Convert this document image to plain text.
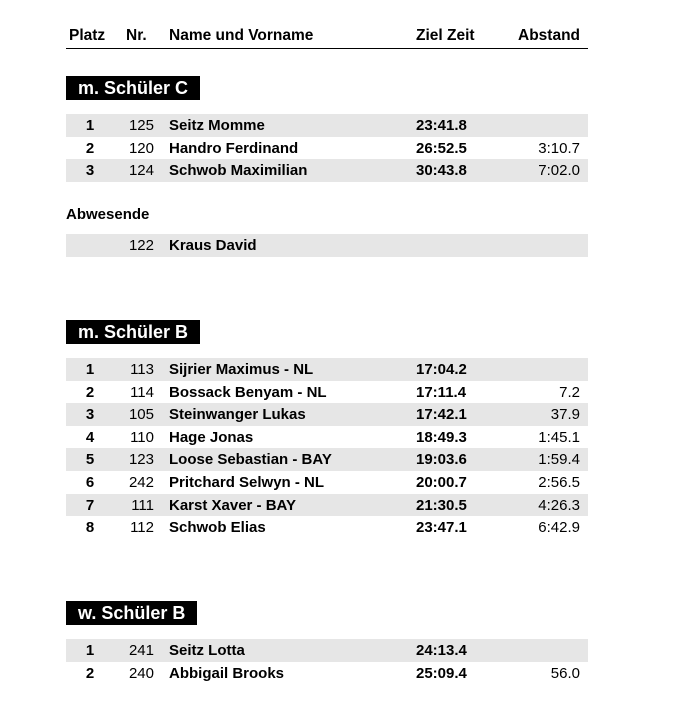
Platz Nr. Name und Vorname	Ziel Zeit	Abstand
m. Schüler C
1	125 Seitz Momme	23:41.8
2	120 Handro Ferdinand	26:52.5	3:10.7
3	124 Schwob Maximilian	30:43.8	7:02.0
Abwesende
122 Kraus David
m. Schüler B
1	113 Sijrier Maximus - NL	17:04.2
2	114 Bossack Benyam - NL	17:11.4	7.2
3	105 Steinwanger Lukas	17:42.1	37.9
4	110 Hage Jonas	18:49.3	1:45.1
5	123 Loose Sebastian - BAY	19:03.6	1:59.4
6	242 Pritchard Selwyn - NL	20:00.7	2:56.5
7	111 Karst Xaver - BAY	21:30.5	4:26.3
8	112 Schwob Elias	23:47.1	6:42.9
w. Schüler B
1	241 Seitz Lotta	24:13.4
2	240 Abbigail Brooks	25:09.4	56.0
